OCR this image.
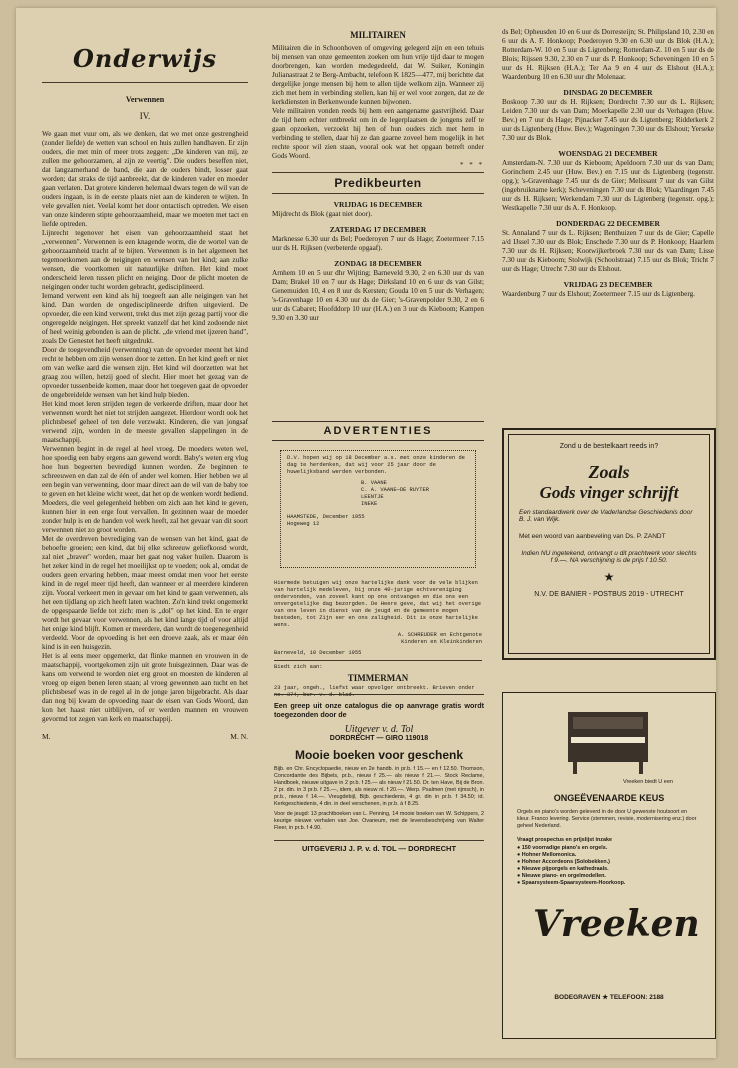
Onderwijs
Verwennen
IV.

We gaan met vuur om, als we denken, dat we met onze gestrengheid (zonder liefde) de wetten van school en huis zullen handhaven. Er zijn ouders, die met min of meer trots zeggen: „De kinderen van mij, ze zullen me gehoorzamen, al zijn ze veertig". Die ouders beseffen niet, dat langzamerhand de band, die aan de ouders bindt, losser gaat worden; dat straks de tijd aanbreekt, dat de kinderen vader en moeder gaan verlaten. Dat grotere kinderen helemaal dwars tegen de wil van de ouders ingaan, is in de eerste plaats niet aan de kinderen te wijten. In vele gevallen niet. Veelal komt het door ontactisch optreden. We eisen van onze kinderen stipte gehoorzaamheid, maar we moeten met tact en liefde optreden.

Lijnrecht tegenover het eisen van gehoorzaamheid staat het „verwennen". Verwennen is een knagende worm, die de wortel van de gehoorzaamheid tracht af te bijten. Verwennen is in het algemeen het tegemoetkomen aan de neigingen en wensen van het kind; aan zulke wensen, die voortkomen uit natuurlijke driften. Het kind moet onderscheid leren tussen plicht en neiging. Door de plicht moeten de neigingen onder tucht worden gebracht, gedisciplineerd.

Iemand verwent een kind als hij toegeeft aan alle neigingen van het kind. Dan worden de ongedisciplineerde driften uitgevierd. De opvoeder, die een kind verwent, trekt dus met zijn gezag partij voor die ongeregelde neigingen. Het spreekt vanzelf dat het kind zodoende niet of heel weinig gebonden is aan de plicht. „de vriend met ijzeren hand", zoals De Genestet het heeft uitgedrukt.

Door de toegevendheid (verwenning) van de opvoeder meent het kind recht te hebben om zijn wensen door te zetten. En het kind geeft er niet om van welke aard die wensen zijn. Het kind wil doorzetten wat het graag zou willen, hetzij goed of slecht. Hier moet het gezag van de opvoeder tussenbeide komen, maar door het toegeven gaat de opvoeder de ongebreidelde wensen van het kind hulp bieden.

Het kind moet leren strijden tegen de verkeerde driften, maar door het verwennen wordt het niet tot strijden aangezet. Hierdoor wordt ook het plichtsbesef geheel of ten dele verzwakt. Kinderen, die van jongsaf verwend zijn, worden in de meeste gevallen slappelingen in de maatschappij.

Verwennen begint in de regel al heel vroeg. De moeders weten wel, hoe spoedig een baby ergens aan gewend wordt. Baby's weten erg vlug hoe hun begeerten bevredigd kunnen worden. Ze beginnen te schreeuwen en dan zal de één of ander wel komen. Hier hebben we al een begin van verwenning, door maar direct aan de wil van de baby toe te geven en het kleine wicht weet, dat het op de wenken wordt bediend. Moeders, die veel gelegenheid hebben om zich aan het kind te geven, kunnen hier in een erge fout vervallen. In gezinnen waar de moeder zonder hulp is en de handen vol werk heeft, zal het gevaar van dit soort verwennen niet zo groot worden.

Met de overdreven bevrediging van de wensen van het kind, gaat de behoefte groeien; een kind, dat bij elke schreeuw geliefkoosd wordt, zal niet „braver" worden, maar het gaat nog vaker huilen. Daarom is het zeker kind in de regel het moeilijkst op te voeden; ook al, omdat de ouders geen ervaring hebben, maar meest omdat men voor het eerste kind in de regel meer tijd heeft, dan wanneer er al meerdere kinderen zijn. Vooral verkeert men in gevaar om het kind te gaan verwennen, als het een tijdlang op zich heeft laten wachten. Zo'n kind trekt ongemerkt de opgespaarde liefde tot zich: men is „dol" op het kind. En te erger wordt het gevaar voor verwennen, als het kind lange tijd of voor altijd het enige kind blijft. Komen er meerdere, dan wordt de toegenegenheid verdeeld. Voor de opvoeding is het een droeve zaak, als er maar één kind is in een huisgezin.

Het is al eens meer opgemerkt, dat flinke mannen en vrouwen in de maatschappij, voortgekomen zijn uit grote huisgezinnen. Daar was de kans om verwend te worden niet erg groot en moesten de kinderen al vroeg op eigen benen leren staan; al vroeg gewennen aan tucht en het plichtsbesef was in de regel al in de jonge jaren bijgebracht. Als daar dan nog bij kwam de opvoeding naar de eisen van Gods Woord, dan kon het haast niet uitblijven, of er werden mannen en vrouwen gevormd tot zegen van kerk en maatschappij.

M.	M. N.
MILITAIREN

Militairen die in Schoonhoven of omgeving gelegerd zijn en een tehuis bij mensen van onze gemeenten zoeken om hun vrije tijd daar te mogen doorbrengen, kan worden medegedeeld, dat W. Suiker, Koningin Julianastraat 2 te Berg-Ambacht, telefoon K 1825—477, mij berichtte dat dergelijke jonge mensen bij hem te allen tijde welkom zijn. Wanneer zij zich met hem in verbinding stellen, kan hij er wel voor zorgen, dat ze de kerkdiensten in Berkenwoude kunnen bijwonen.
Vele militairen vonden reeds bij hem een aangename gastvrijheid. Daar de tijd hem echter ontbreekt om in de legerplaatsen de jongens zelf te gaan opzoeken, verzoekt hij hen of hun ouders zich met hem in verbinding te stellen, daar hij ze dan gaarne zoveel hem mogelijk in het rechte spoor wil zien staan, vooral ook wat het opgaan betreft onder Gods Woord.

* * *
Predikbeurten
VRIJDAG 16 DECEMBER

Mijdrecht ds Blok (gaat niet door).

ZATERDAG 17 DECEMBER

Marknesse 6.30 uur ds Bel; Poederoyen 7 uur ds Hage; Zoetermeer 7.15 uur ds H. Rijksen (verbeterde opgaaf).

ZONDAG 18 DECEMBER

Arnhem 10 en 5 uur dhr Wijting; Barneveld 9.30, 2 en 6.30 uur ds van Dam; Brakel 10 en 7 uur ds Hage; Dirksland 10 en 6 uur ds van Gilst; Genemuiden 10, 4 en 8 uur ds Kersten; Gouda 10 en 5 uur ds Verhagen; 's-Gravenhage 10 en 4.30 uur ds de Gier; 's-Gravenpolder 9.30, 2 en 6 uur ds Cabaret; Hoofddorp 10 uur (H.A.) en 3 uur ds Kieboom; Kampen 9.30 en 3.30 uur

ADVERTENTIES
D.V. hopen wij op 18 December a.s. met onze kinderen de dag te herdenken, dat wij voor 25 jaar door de huwelijksband werden verbonden.
B. VAANE
C. A. VAANE—DE RUYTER
LEENTJE
INEKE
HAAMSTEDE, December 1955
Hogeweg 12
Hiermede betuigen wij onze hartelijke dank voor de vele blijken van hartelijk medeleven, bij onze 40-jarige echtvereniging ondervonden, van zoveel kant op ons ontvangen en die ons een onvergetelijke dag bezorgden. De Heere geve, dat wij het overige van ons leven in dienst van de jeugd en de gemeente mogen besteden, tot Zijn eer en ons zaligheid. Dit is onze hartelijke wens.
A. SCHREUDER en Echtgenote
Kinderen en Kleinkinderen
Barneveld, 10 December 1955
Biedt zich aan:
TIMMERMAN
23 jaar, ongeh., liefst waar opvolger ontbreekt. Brieven onder no. 374, bur. v. d. blad.

Een greep uit onze catalogus die op aanvrage gratis wordt toegezonden door de

Uitgever v. d. Tol
DORDRECHT — GIRO 119018
Mooie boeken voor geschenk
Bijb. en Chr. Encyclopaedie, nieuw en 2e handb. in pr.b. f 15.— en f 12.50. Thomson, Concordantie des Bijbels, pr.b., nieuw f 25.— als nieuw f 21.—. Stock Reclame, Handboek, nieuwe uitgave in 2 pr.b. f 25.— als nieuw f 21.50. Dr. ten Have, Bij de Bron. 2 pr. din. in 3 pr.b. f 25.—, idem, als nieuw nl. f 20.—. Werp. Psalmen (met rijmsch), in pr.b., nieuw f 14.—. Vreugdebijl, Bijb. geschiedenis, 4 gr. din in pr.b. f 34.50; id. Kerkgeschiedenis, 4 din. in deel verschenen, in pr.b. à f 8.25.
Voor de jeugd: 13 prachtboeken van L. Penning, 14 mooie boeken van W. Schippers, 2 keurige nieuwe verhalen van Joe. Ovaneum, met de levensbeschrijving van Walter Fleer, in pr.b. f 4.90.
UITGEVERIJ J. P. v. d. TOL — DORDRECHT

ds Bel; Opheusden 10 en 6 uur ds Dorresteijn; St. Philipsland 10, 2.30 en 6 uur ds A. F. Honkoop; Poederoyen 9.30 en 6.30 uur ds Blok (H.A.); Rotterdam-W. 10 en 5 uur ds Ligtenberg; Rotterdam-Z. 10 en 5 uur ds de Blois; Rijssen 9.30, 2.30 en 7 uur ds P. Honkoop; Scheveningen 10 en 5 uur ds H. Rijksen (H.A.); Ter Aa 9 en 4 uur ds Elshout (H.A.); Waardenburg 10 en 6.30 uur dhr Molenaar.

DINSDAG 20 DECEMBER

Boskoop 7.30 uur ds H. Rijksen; Dordrecht 7.30 uur ds L. Rijksen; Leiden 7.30 uur ds van Dam; Moerkapelle 2.30 uur ds Verhagen (Huw. Bev.) en 7 uur ds Hage; Pijnacker 7.45 uur ds Ligtenberg; Ridderkerk 2 uur ds Ligtenberg (Huw. Bev.); Wageningen 7.30 uur ds Elshout; Yerseke 7.30 uur ds Blok.

WOENSDAG 21 DECEMBER

Amsterdam-N. 7.30 uur ds Kieboom; Apeldoorn 7.30 uur ds van Dam; Gorinchem 2.45 uur (Huw. Bev.) en 7.15 uur ds Ligtenberg (tegenstr. opg.); 's-Gravenhage 7.45 uur ds de Gier; Melissant 7 uur ds van Gilst (ingebruikname kerk); Scheveningen 7.30 uur ds Blok; Vlaardingen 7.45 uur ds H. Rijksen; Werkendam 7.30 uur ds Ligtenberg (tegenstr. opg.); Westkapelle 7.30 uur ds A. F. Honkoop.

DONDERDAG 22 DECEMBER

St. Annaland 7 uur ds L. Rijksen; Benthuizen 7 uur ds de Gier; Capelle a/d IJssel 7.30 uur ds Blok; Enschede 7.30 uur ds P. Honkoop; Haarlem 7.30 uur ds H. Rijksen; Kootwijkerbroek 7.30 uur ds van Dam; Lisse 7.30 uur ds Kieboom; Stolwijk (Schoolstraat) 7.15 uur ds Blok; Tricht 7 uur ds Hage; Utrecht 7.30 uur ds Elshout.

VRIJDAG 23 DECEMBER

Waardenburg 7 uur ds Elshout; Zoetermeer 7.15 uur ds Ligtenberg.

Zond u de bestelkaart reeds in?
Zoals
Gods vinger schrijft
Een standaardwerk over de Vaderlandse Geschiedenis door B. J. van Wijk.
Met een woord van aanbeveling van Ds. P. ZANDT
Indien NU ingetekend, ontvangt u dit prachtwerk voor slechts f 9.—. NA verschijning is de prijs f 10.50.
★
N.V. DE BANIER - POSTBUS 2019 - UTRECHT
Vreeken biedt U een
ONGEËVENAARDE KEUS
Orgels en piano's worden geleverd in de door U gewenste houtsoort en kleur. Franco levering. Service (stemmen, revisie, modernisering enz.) door geheel Nederland.
Vraagt prospectus en prijslijst inzake
● 150 voorradige piano's en orgels.
● Hohner Mellomonica.
● Hohner Accordeons (Solobekken.)
● Nieuwe pijporgels en kathedraals.
● Nieuwe piano- en orgelmodellen.
● Spaarsysteem-Spaarsysteem-Hoorkoop.
Vreeken
BODEGRAVEN ★ TELEFOON: 2188
